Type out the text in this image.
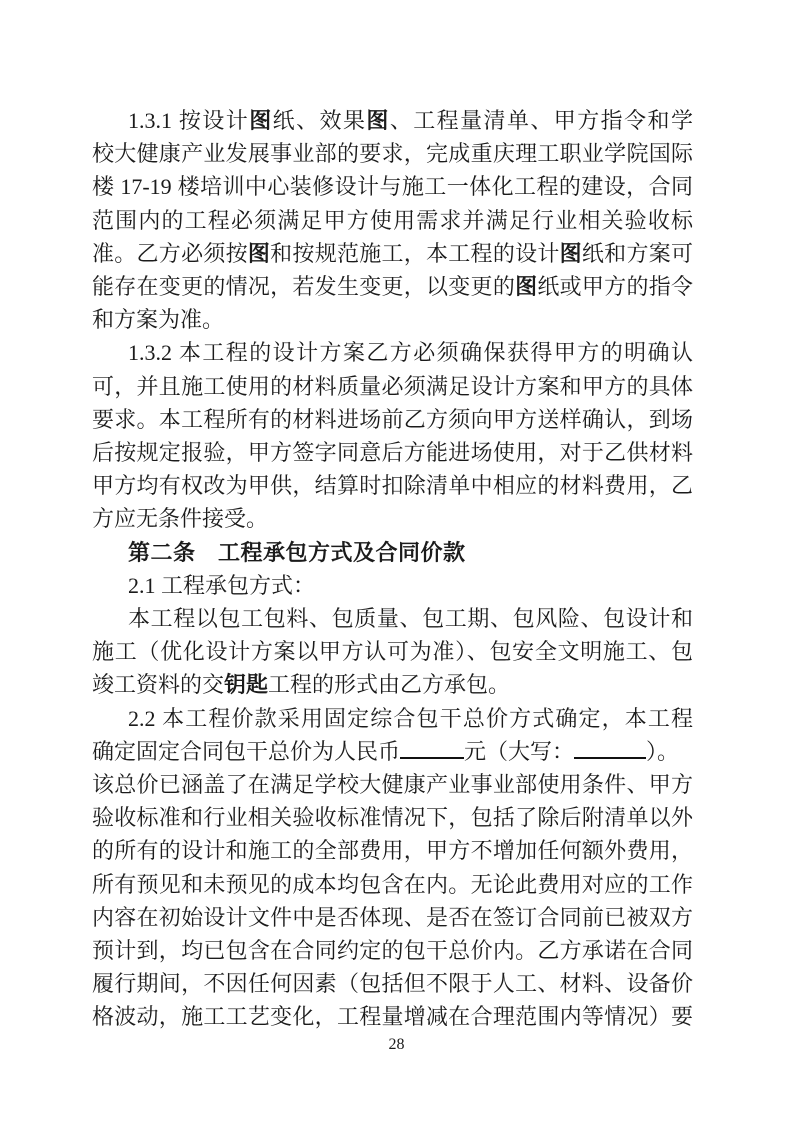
1.3.1 按设计图纸、效果图、工程量清单、甲方指令和学
校大健康产业发展事业部的要求，完成重庆理工职业学院国际
楼 17-19 楼培训中心装修设计与施工一体化工程的建设，合同
范围内的工程必须满足甲方使用需求并满足行业相关验收标
准。乙方必须按图和按规范施工，本工程的设计图纸和方案可
能存在变更的情况，若发生变更，以变更的图纸或甲方的指令
和方案为准。
1.3.2 本工程的设计方案乙方必须确保获得甲方的明确认
可，并且施工使用的材料质量必须满足设计方案和甲方的具体
要求。本工程所有的材料进场前乙方须向甲方送样确认，到场
后按规定报验，甲方签字同意后方能进场使用，对于乙供材料
甲方均有权改为甲供，结算时扣除清单中相应的材料费用，乙
方应无条件接受。
第二条　工程承包方式及合同价款
2.1 工程承包方式：
本工程以包工包料、包质量、包工期、包风险、包设计和
施工（优化设计方案以甲方认可为准）、包安全文明施工、包
竣工资料的交钥匙工程的形式由乙方承包。
2.2 本工程价款采用固定综合包干总价方式确定，本工程
确定固定合同包干总价为人民币	元（大写：	）。
该总价已涵盖了在满足学校大健康产业事业部使用条件、甲方
验收标准和行业相关验收标准情况下，包括了除后附清单以外
的所有的设计和施工的全部费用，甲方不增加任何额外费用，
所有预见和未预见的成本均包含在内。无论此费用对应的工作
内容在初始设计文件中是否体现、是否在签订合同前已被双方
预计到，均已包含在合同约定的包干总价内。乙方承诺在合同
履行期间，不因任何因素（包括但不限于人工、材料、设备价
格波动，施工工艺变化，工程量增减在合理范围内等情况）要
28
